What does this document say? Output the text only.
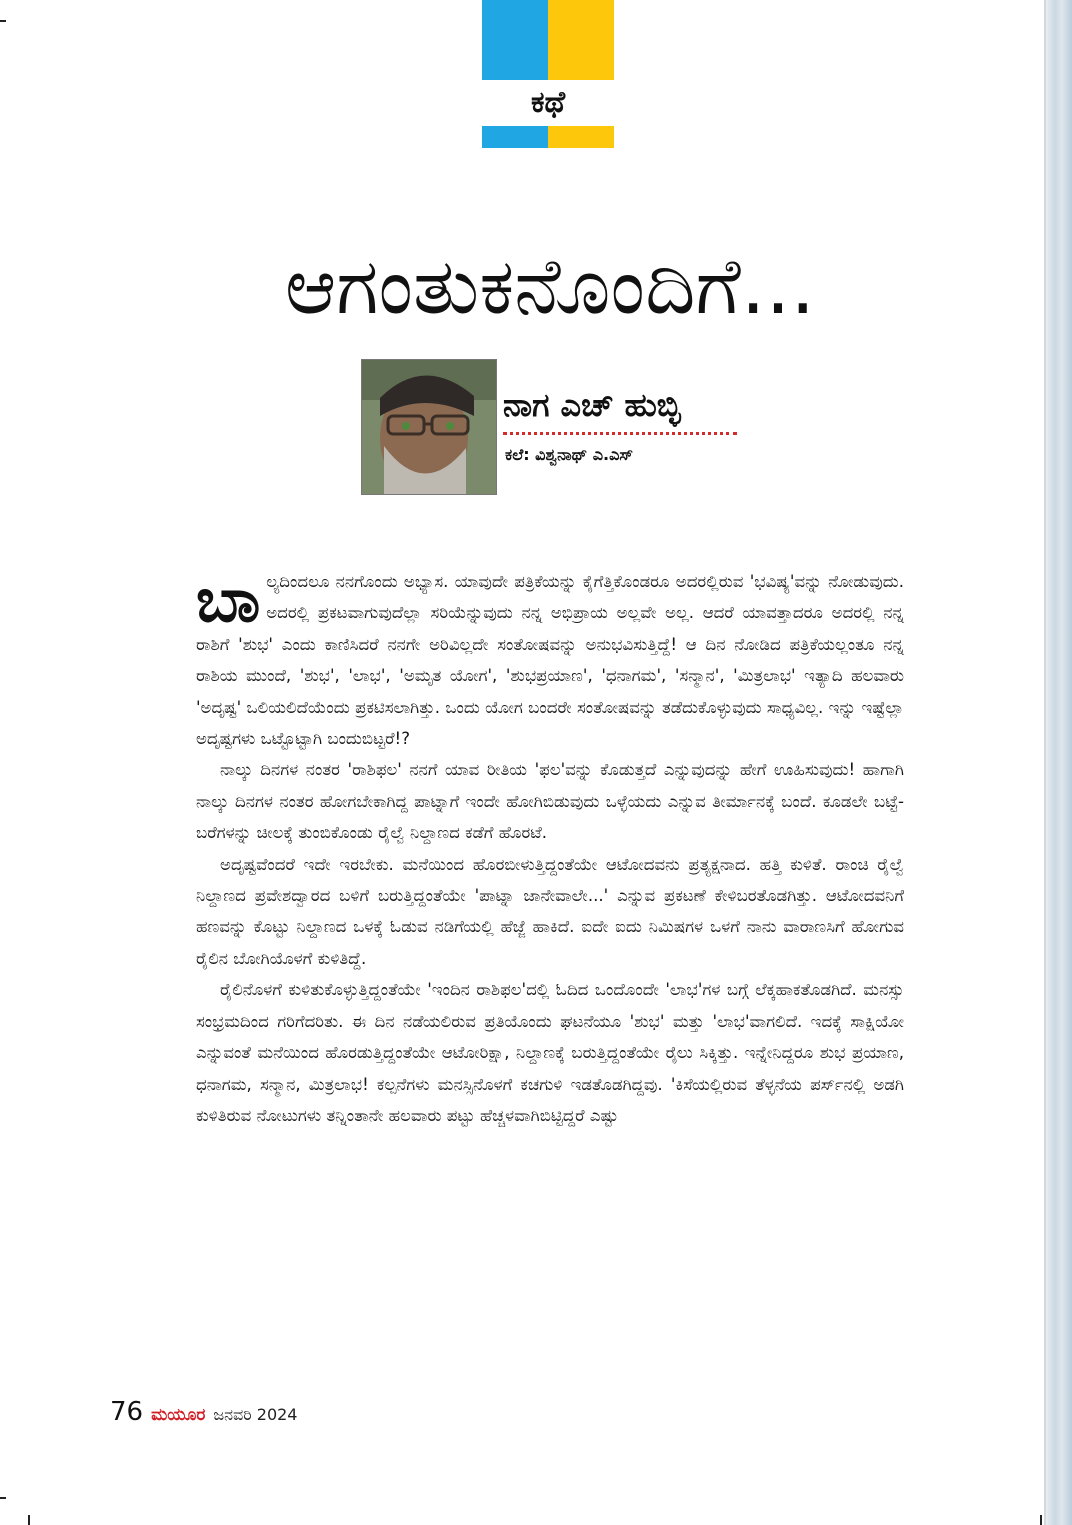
ಕಥೆ
ಆಗಂತುಕನೊಂದಿಗೆ...
ನಾಗ ಎಚ್‌ ಹುಬ್ಳಿ
ಕಲೆ: ವಿಶ್ವನಾಥ್ ಎ.ಎಸ್‌

ಬಾಲ್ಯದಿಂದಲೂ ನನಗೊಂದು ಅಭ್ಯಾಸ. ಯಾವುದೇ ಪತ್ರಿಕೆಯನ್ನು ಕೈಗೆತ್ತಿಕೊಂಡರೂ ಅದರಲ್ಲಿರುವ 'ಭವಿಷ್ಯ'ವನ್ನು ನೋಡುವುದು. ಅದರಲ್ಲಿ ಪ್ರಕಟವಾಗುವುದೆಲ್ಲಾ ಸರಿಯೆನ್ನುವುದು ನನ್ನ ಅಭಿಪ್ರಾಯ ಅಲ್ಲವೇ ಅಲ್ಲ. ಆದರೆ ಯಾವತ್ತಾದರೂ ಅದರಲ್ಲಿ ನನ್ನ ರಾಶಿಗೆ 'ಶುಭ' ಎಂದು ಕಾಣಿಸಿದರೆ ನನಗೇ ಅರಿವಿಲ್ಲದೇ ಸಂತೋಷವನ್ನು ಅನುಭವಿಸುತ್ತಿದ್ದೆ! ಆ ದಿನ ನೋಡಿದ ಪತ್ರಿಕೆಯಲ್ಲಂತೂ ನನ್ನ ರಾಶಿಯ ಮುಂದೆ, 'ಶುಭ', 'ಲಾಭ', 'ಅಮೃತ ಯೋಗ', 'ಶುಭಪ್ರಯಾಣ', 'ಧನಾಗಮ', 'ಸನ್ಮಾನ', 'ಮಿತ್ರಲಾಭ' ಇತ್ಯಾದಿ ಹಲವಾರು 'ಅದೃಷ್ಟ' ಒಲಿಯಲಿದೆಯೆಂದು ಪ್ರಕಟಿಸಲಾಗಿತ್ತು. ಒಂದು ಯೋಗ ಬಂದರೇ ಸಂತೋಷವನ್ನು ತಡೆದುಕೊಳ್ಳುವುದು ಸಾಧ್ಯವಿಲ್ಲ. ಇನ್ನು ಇಷ್ಟೆಲ್ಲಾ ಅದೃಷ್ಟಗಳು ಒಟ್ಟೊಟ್ಟಾಗಿ ಬಂದುಬಿಟ್ಟರೆ!?

ನಾಲ್ಕು ದಿನಗಳ ನಂತರ 'ರಾಶಿಫಲ' ನನಗೆ ಯಾವ ರೀತಿಯ 'ಫಲ'ವನ್ನು ಕೊಡುತ್ತದೆ ಎನ್ನುವುದನ್ನು ಹೇಗೆ ಊಹಿಸುವುದು! ಹಾಗಾಗಿ ನಾಲ್ಕು ದಿನಗಳ ನಂತರ ಹೋಗಬೇಕಾಗಿದ್ದ ಪಾಟ್ನಾಗೆ ಇಂದೇ ಹೋಗಿಬಿಡುವುದು ಒಳ್ಳೆಯದು ಎನ್ನುವ ತೀರ್ಮಾನಕ್ಕೆ ಬಂದೆ. ಕೂಡಲೇ ಬಟ್ಟೆ-ಬರೆಗಳನ್ನು ಚೀಲಕ್ಕೆ ತುಂಬಿಕೊಂಡು ರೈಲ್ವೆ ನಿಲ್ದಾಣದ ಕಡೆಗೆ ಹೊರಟೆ.

ಅದೃಷ್ಟವೆಂದರೆ ಇದೇ ಇರಬೇಕು. ಮನೆಯಿಂದ ಹೊರಬೀಳುತ್ತಿದ್ದಂತೆಯೇ ಆಟೋದವನು ಪ್ರತ್ಯಕ್ಷನಾದ. ಹತ್ತಿ ಕುಳಿತೆ. ರಾಂಚಿ ರೈಲ್ವೆ ನಿಲ್ದಾಣದ ಪ್ರವೇಶದ್ವಾರದ ಬಳಿಗೆ ಬರುತ್ತಿದ್ದಂತೆಯೇ 'ಪಾಟ್ನಾ ಜಾನೇವಾಲೇ...' ಎನ್ನುವ ಪ್ರಕಟಣೆ ಕೇಳಿಬರತೊಡಗಿತ್ತು. ಆಟೋದವನಿಗೆ ಹಣವನ್ನು ಕೊಟ್ಟು ನಿಲ್ದಾಣದ ಒಳಕ್ಕೆ ಓಡುವ ನಡಿಗೆಯಲ್ಲಿ ಹೆಜ್ಜೆ ಹಾಕಿದೆ. ಐದೇ ಐದು ನಿಮಿಷಗಳ ಒಳಗೆ ನಾನು ವಾರಾಣಸಿಗೆ ಹೋಗುವ ರೈಲಿನ ಬೋಗಿಯೊಳಗೆ ಕುಳಿತಿದ್ದೆ.

ರೈಲಿನೊಳಗೆ ಕುಳಿತುಕೊಳ್ಳುತ್ತಿದ್ದಂತೆಯೇ 'ಇಂದಿನ ರಾಶಿಫಲ'ದಲ್ಲಿ ಓದಿದ ಒಂದೊಂದೇ 'ಲಾಭ'ಗಳ ಬಗ್ಗೆ ಲೆಕ್ಕಹಾಕತೊಡಗಿದೆ. ಮನಸ್ಸು ಸಂಭ್ರಮದಿಂದ ಗರಿಗೆದರಿತು. ಈ ದಿನ ನಡೆಯಲಿರುವ ಪ್ರತಿಯೊಂದು ಘಟನೆಯೂ 'ಶುಭ' ಮತ್ತು 'ಲಾಭ'ವಾಗಲಿದೆ. ಇದಕ್ಕೆ ಸಾಕ್ಷಿಯೋ ಎನ್ನುವಂತೆ ಮನೆಯಿಂದ ಹೊರಡುತ್ತಿದ್ದಂತೆಯೇ ಆಟೋರಿಕ್ಷಾ, ನಿಲ್ದಾಣಕ್ಕೆ ಬರುತ್ತಿದ್ದಂತೆಯೇ ರೈಲು ಸಿಕ್ಕಿತ್ತು. ಇನ್ನೇನಿದ್ದರೂ ಶುಭ ಪ್ರಯಾಣ, ಧನಾಗಮ, ಸನ್ಮಾನ, ಮಿತ್ರಲಾಭ! ಕಲ್ಪನೆಗಳು ಮನಸ್ಸಿನೊಳಗೆ ಕಚಗುಳಿ ಇಡತೊಡಗಿದ್ದವು. 'ಕಿಸೆಯಲ್ಲಿರುವ ತೆಳ್ಳನೆಯ ಪರ್ಸ್‌ನಲ್ಲಿ ಅಡಗಿ ಕುಳಿತಿರುವ ನೋಟುಗಳು ತನ್ನಿಂತಾನೇ ಹಲವಾರು ಪಟ್ಟು ಹೆಚ್ಚಳವಾಗಿಬಿಟ್ಟಿದ್ದರೆ ಎಷ್ಟು

76 ಮಯೂರ ಜನವರಿ 2024
